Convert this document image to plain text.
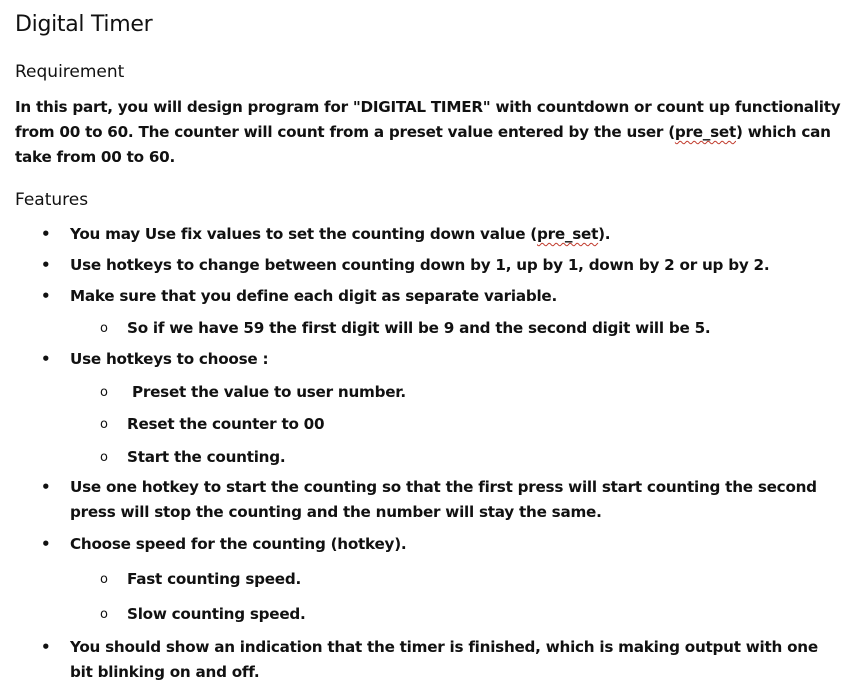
Digital Timer
Requirement
In this part, you will design program for "DIGITAL TIMER" with countdown or count up functionality
from 00 to 60. The counter will count from a preset value entered by the user (pre_set) which can
take from 00 to 60.
Features
• You may Use fix values to set the counting down value (pre_set).
• Use hotkeys to change between counting down by 1, up by 1, down by 2 or up by 2.
• Make sure that you define each digit as separate variable.
o So if we have 59 the first digit will be 9 and the second digit will be 5.
• Use hotkeys to choose :
o Preset the value to user number.
o Reset the counter to 00
o Start the counting.
• Use one hotkey to start the counting so that the first press will start counting the second
press will stop the counting and the number will stay the same.
• Choose speed for the counting (hotkey).
o Fast counting speed.
o Slow counting speed.
• You should show an indication that the timer is finished, which is making output with one
bit blinking on and off.
